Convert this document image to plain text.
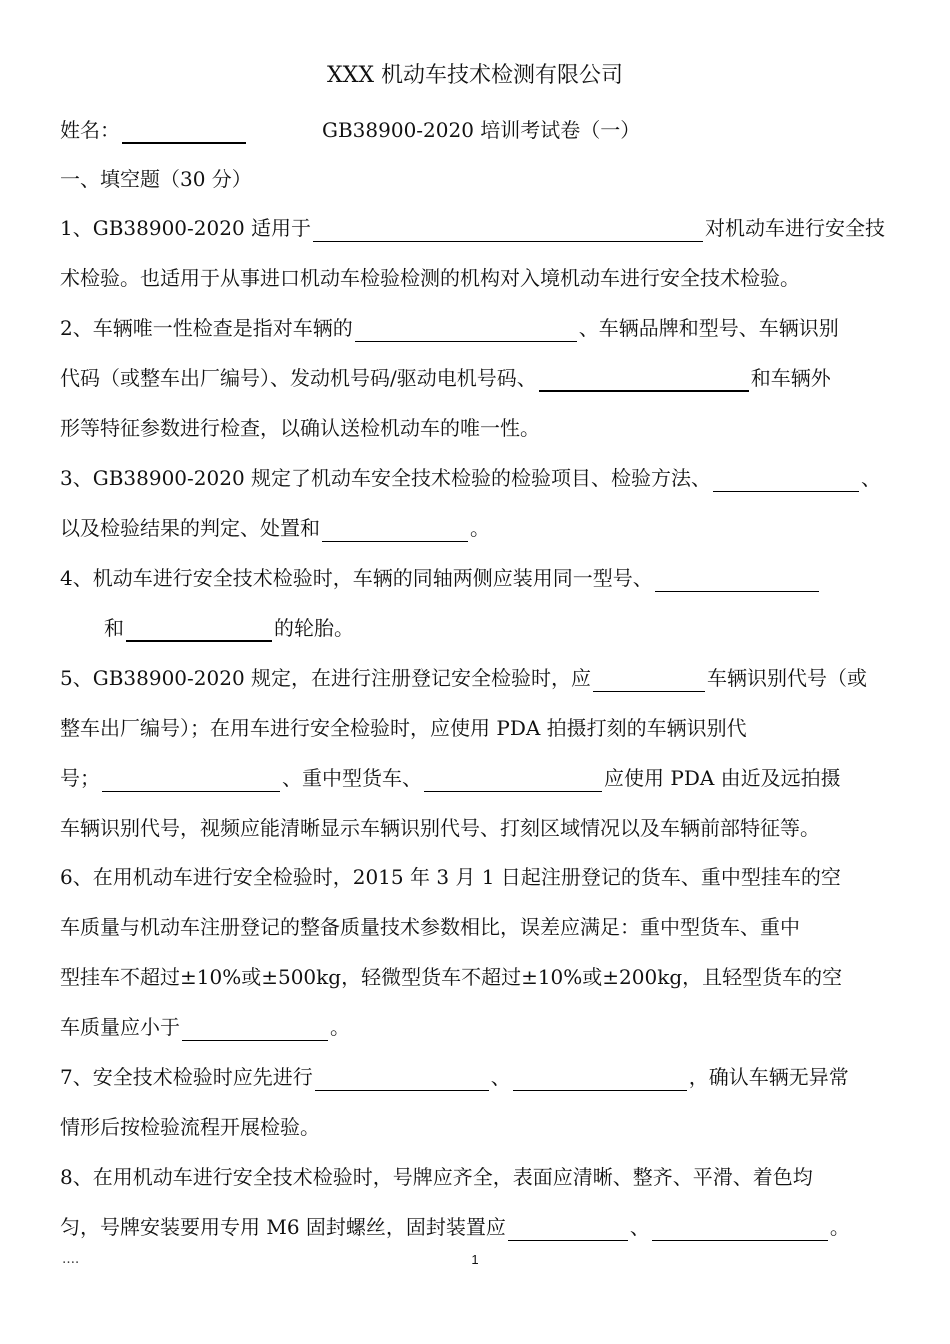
XXX 机动车技术检测有限公司
姓名：	GB38900-2020 培训考试卷（一）
一、填空题（30 分）
1、GB38900-2020 适用于	对机动车进行安全技
术检验。也适用于从事进口机动车检验检测的机构对入境机动车进行安全技术检验。
2、车辆唯一性检查是指对车辆的	、车辆品牌和型号、车辆识别
代码（或整车出厂编号）、发动机号码/驱动电机号码、	和车辆外
形等特征参数进行检查，以确认送检机动车的唯一性。
3、GB38900-2020 规定了机动车安全技术检验的检验项目、检验方法、	、
以及检验结果的判定、处置和	。
4、机动车进行安全技术检验时，车辆的同轴两侧应装用同一型号、
和	的轮胎。
5、GB38900-2020 规定，在进行注册登记安全检验时，应	车辆识别代号（或
整车出厂编号）；在用车进行安全检验时，应使用 PDA 拍摄打刻的车辆识别代
号；	、重中型货车、	应使用 PDA 由近及远拍摄
车辆识别代号，视频应能清晰显示车辆识别代号、打刻区域情况以及车辆前部特征等。
6、在用机动车进行安全检验时，2015 年 3 月 1 日起注册登记的货车、重中型挂车的空
车质量与机动车注册登记的整备质量技术参数相比，误差应满足：重中型货车、重中
型挂车不超过±10%或±500kg，轻微型货车不超过±10%或±200kg，且轻型货车的空
车质量应小于	。
7、安全技术检验时应先进行	、	，确认车辆无异常
情形后按检验流程开展检验。
8、在用机动车进行安全技术检验时，号牌应齐全，表面应清晰、整齐、平滑、着色均
匀，号牌安装要用专用 M6 固封螺丝，固封装置应	、	。
….	1
